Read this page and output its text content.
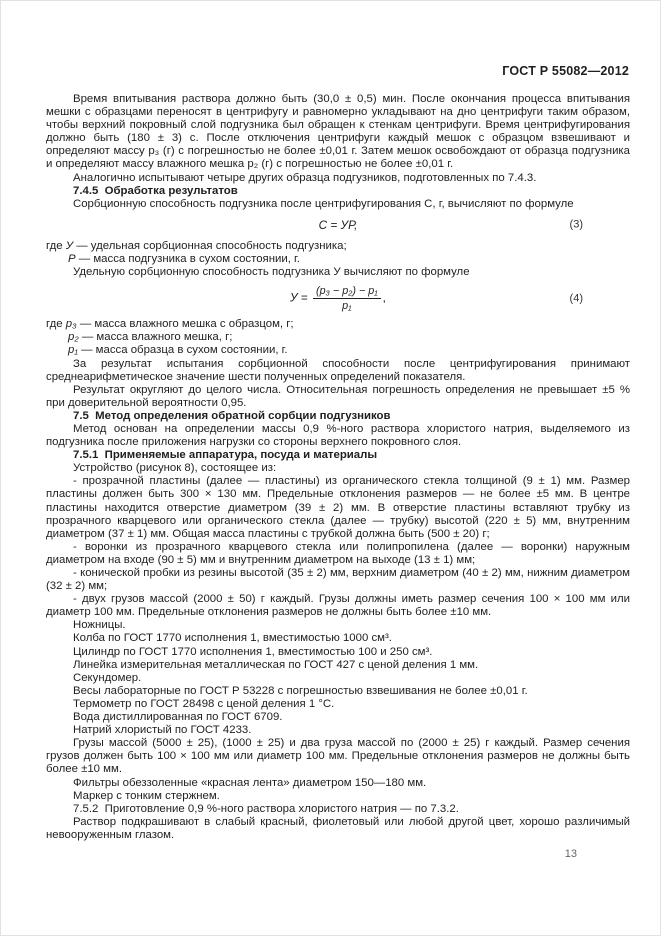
ГОСТ Р 55082—2012

Время впитывания раствора должно быть (30,0 ± 0,5) мин. После окончания процесса впитывания мешки с образцами переносят в центрифугу и равномерно укладывают на дно центрифуги таким образом, чтобы верхний покровный слой подгузника был обращен к стенкам центрифуги. Время центрифугирования должно быть (180 ± 3) с. После отключения центрифуги каждый мешок с образцом взвешивают и определяют массу p₃ (г) с погрешностью не более ±0,01 г. Затем мешок освобождают от образца подгузника и определяют массу влажного мешка p₂ (г) с погрешностью не более ±0,01 г.

Аналогично испытывают четыре других образца подгузников, подготовленных по 7.4.3.

7.4.5  Обработка результатов

Сорбционную способность подгузника после центрифугирования С, г, вычисляют по формуле

С = УР,	(3)

где У — удельная сорбционная способность подгузника;

Р — масса подгузника в сухом состоянии, г.

Удельную сорбционную способность подгузника У вычисляют по формуле

$У = \frac{\text{(p₃ − p₂) − p₁}}{\text{p₁}}$ ,	(4)

где p₃ — масса влажного мешка с образцом, г;

p₂ — масса влажного мешка, г;

p₁ — масса образца в сухом состоянии, г.

За результат испытания сорбционной способности после центрифугирования принимают среднеарифметическое значение шести полученных определений показателя.

Результат округляют до целого числа. Относительная погрешность определения не превышает ±5 % при доверительной вероятности 0,95.

7.5  Метод определения обратной сорбции подгузников

Метод основан на определении массы 0,9 %-ного раствора хлористого натрия, выделяемого из подгузника после приложения нагрузки со стороны верхнего покровного слоя.

7.5.1  Применяемые аппаратура, посуда и материалы

Устройство (рисунок 8), состоящее из:

- прозрачной пластины (далее — пластины) из органического стекла толщиной (9 ± 1) мм. Размер пластины должен быть 300 × 130 мм. Предельные отклонения размеров — не более ±5 мм. В центре пластины находится отверстие диаметром (39 ± 2) мм. В отверстие пластины вставляют трубку из прозрачного кварцевого или органического стекла (далее — трубку) высотой (220 ± 5) мм, внутренним диаметром (37 ± 1) мм. Общая масса пластины с трубкой должна быть (500 ± 20) г;

- воронки из прозрачного кварцевого стекла или полипропилена (далее — воронки) наружным диаметром на входе (90 ± 5) мм и внутренним диаметром на выходе (13 ± 1) мм;

- конической пробки из резины высотой (35 ± 2) мм, верхним диаметром (40 ± 2) мм, нижним диаметром (32 ± 2) мм;

- двух грузов массой (2000 ± 50) г каждый. Грузы должны иметь размер сечения 100 × 100 мм или диаметр 100 мм. Предельные отклонения размеров не должны быть более ±10 мм.

Ножницы.

Колба по ГОСТ 1770 исполнения 1, вместимостью 1000 см³.

Цилиндр по ГОСТ 1770 исполнения 1, вместимостью 100 и 250 см³.

Линейка измерительная металлическая по ГОСТ 427 с ценой деления 1 мм.

Секундомер.

Весы лабораторные по ГОСТ Р 53228 с погрешностью взвешивания не более ±0,01 г.

Термометр по ГОСТ 28498 с ценой деления 1 °С.

Вода дистиллированная по ГОСТ 6709.

Натрий хлористый по ГОСТ 4233.

Грузы массой (5000 ± 25), (1000 ± 25) и два груза массой по (2000 ± 25) г каждый. Размер сечения грузов должен быть 100 × 100 мм или диаметр 100 мм. Предельные отклонения размеров не должны быть более ±10 мм.

Фильтры обеззоленные «красная лента» диаметром 150—180 мм.

Маркер с тонким стержнем.

7.5.2  Приготовление 0,9 %-ного раствора хлористого натрия — по 7.3.2.

Раствор подкрашивают в слабый красный, фиолетовый или любой другой цвет, хорошо различимый невооруженным глазом.

13
